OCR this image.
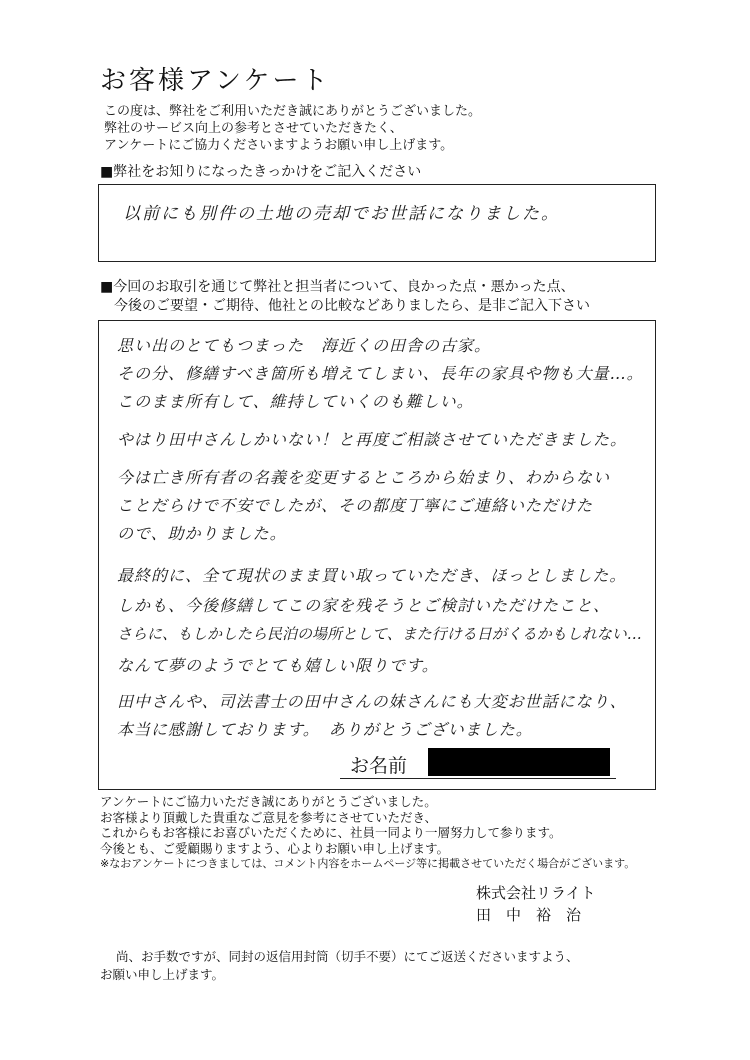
お客様アンケート
この度は、弊社をご利用いただき誠にありがとうございました。
弊社のサービス向上の参考とさせていただきたく、
アンケートにご協力くださいますようお願い申し上げます。
■弊社をお知りになったきっかけをご記入ください
以前にも別件の土地の売却でお世話になりました。
■今回のお取引を通じて弊社と担当者について、良かった点・悪かった点、
今後のご要望・ご期待、他社との比較などありましたら、是非ご記入下さい
思い出のとてもつまった　海近くの田舎の古家。
その分、修繕すべき箇所も増えてしまい、長年の家具や物も大量…。
このまま所有して、維持していくのも難しい。
やはり田中さんしかいない！と再度ご相談させていただきました。
今は亡き所有者の名義を変更するところから始まり、わからない
ことだらけで不安でしたが、その都度丁寧にご連絡いただけた
ので、助かりました。
最終的に、全て現状のまま買い取っていただき、ほっとしました。
しかも、今後修繕してこの家を残そうとご検討いただけたこと、
さらに、もしかしたら民泊の場所として、また行ける日がくるかもしれない…
なんて夢のようでとても嬉しい限りです。
田中さんや、司法書士の田中さんの妹さんにも大変お世話になり、
本当に感謝しております。　ありがとうございました。
お名前
アンケートにご協力いただき誠にありがとうございました。
お客様より頂戴した貴重なご意見を参考にさせていただき、
これからもお客様にお喜びいただくために、社員一同より一層努力して参ります。
今後とも、ご愛顧賜りますよう、心よりお願い申し上げます。
※なおアンケートにつきましては、コメント内容をホームページ等に掲載させていただく場合がございます。
株式会社リライト
田　中　裕　治
尚、お手数ですが、同封の返信用封筒（切手不要）にてご返送くださいますよう、
お願い申し上げます。
